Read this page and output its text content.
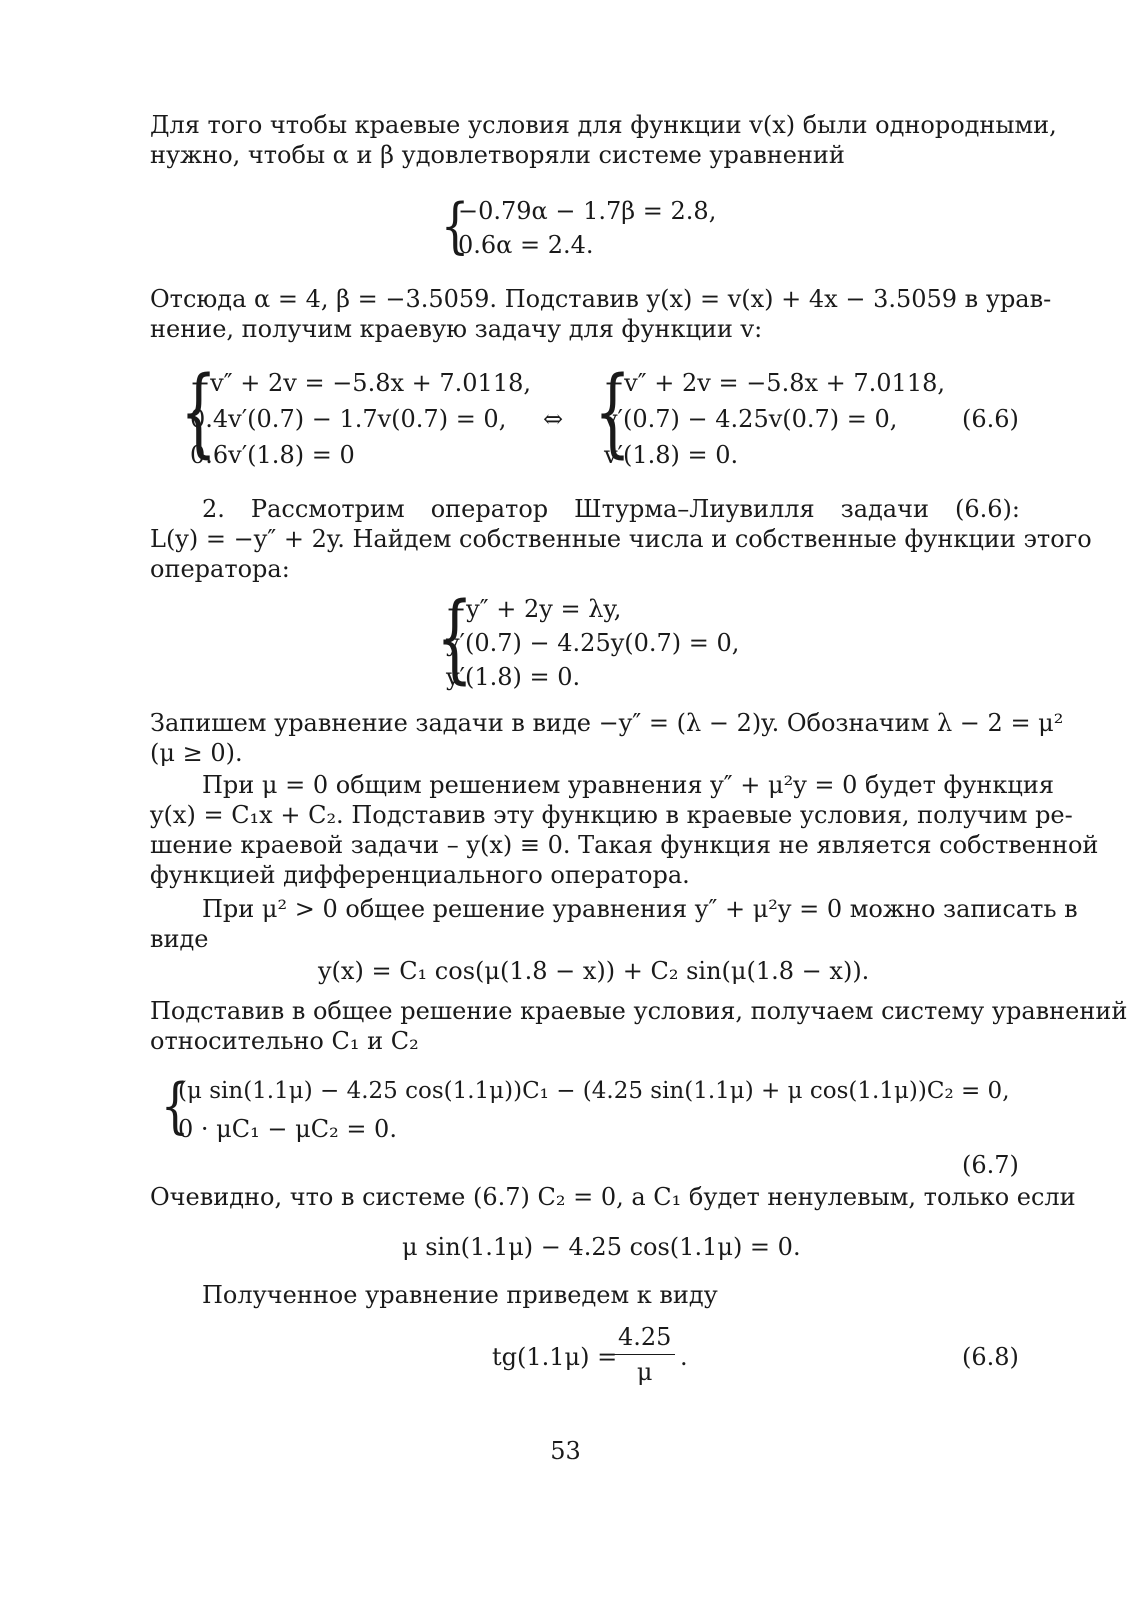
Для того чтобы краевые условия для функции v(x) были однородными,
нужно, чтобы α и β удовлетворяли системе уравнений
{
−0.79α − 1.7β = 2.8,
0.6α = 2.4.
Отсюда α = 4, β = −3.5059. Подставив y(x) = v(x) + 4x − 3.5059 в урав-
нение, получим краевую задачу для функции v:
{
−v″ + 2v = −5.8x + 7.0118,
0.4v′(0.7) − 1.7v(0.7) = 0,
0.6v′(1.8) = 0
⇔ {
−v″ + 2v = −5.8x + 7.0118,
v′(0.7) − 4.25v(0.7) = 0,
v′(1.8) = 0.
(6.6)
2. Рассмотрим оператор Штурма–Лиувилля задачи (6.6):
L(y) = −y″ + 2y. Найдем собственные числа и собственные функции этого
оператора:
{
−y″ + 2y = λy,
y′(0.7) − 4.25y(0.7) = 0,
y′(1.8) = 0.
Запишем уравнение задачи в виде −y″ = (λ − 2)y. Обозначим λ − 2 = μ²
(μ ≥ 0).
При μ = 0 общим решением уравнения y″ + μ²y = 0 будет функция
y(x) = C₁x + C₂. Подставив эту функцию в краевые условия, получим ре-
шение краевой задачи – y(x) ≡ 0. Такая функция не является собственной
функцией дифференциального оператора.
При μ² > 0 общее решение уравнения y″ + μ²y = 0 можно записать в
виде
y(x) = C₁ cos(μ(1.8 − x)) + C₂ sin(μ(1.8 − x)).
Подставив в общее решение краевые условия, получаем систему уравнений
относительно C₁ и C₂
{
(μ sin(1.1μ) − 4.25 cos(1.1μ))C₁ − (4.25 sin(1.1μ) + μ cos(1.1μ))C₂ = 0,
0 · μC₁ − μC₂ = 0.
(6.7)
Очевидно, что в системе (6.7) C₂ = 0, а C₁ будет ненулевым, только если
μ sin(1.1μ) − 4.25 cos(1.1μ) = 0.
Полученное уравнение приведем к виду
tg(1.1μ) =
$\frac{4.25}{\mu}$ .	(6.8)
53
